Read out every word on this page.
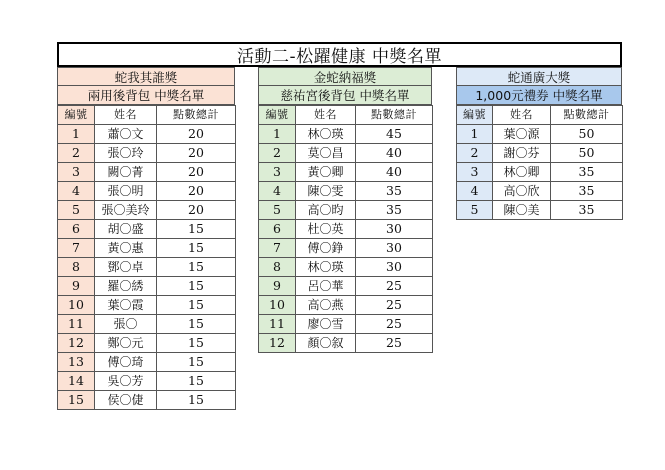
活動二-松躍健康 中獎名單
蛇我其誰獎
兩用後背包 中獎名單
編號	姓名	點數總計
1	蕭〇文	20
2	張〇玲	20
3	闕〇菁	20
4	張〇明	20
5	張〇美玲	20
6	胡〇盛	15
7	黃〇惠	15
8	鄧〇卓	15
9	羅〇綉	15
10	葉〇霞	15
11	張〇	15
12	鄭〇元	15
13	傅〇琦	15
14	吳〇芳	15
15	侯〇倢	15
金蛇納福獎
慈祐宮後背包 中獎名單
編號	姓名	點數總計
1	林〇瑛	45
2	莫〇昌	40
3	黃〇卿	40
4	陳〇雯	35
5	高〇昀	35
6	杜〇英	30
7	傅〇錚	30
8	林〇瑛	30
9	呂〇華	25
10	高〇燕	25
11	廖〇雪	25
12	顏〇叙	25
蛇通廣大獎
1,000元禮券 中獎名單
編號	姓名	點數總計
1	葉〇源	50
2	謝〇芬	50
3	林〇卿	35
4	高〇欣	35
5	陳〇美	35
